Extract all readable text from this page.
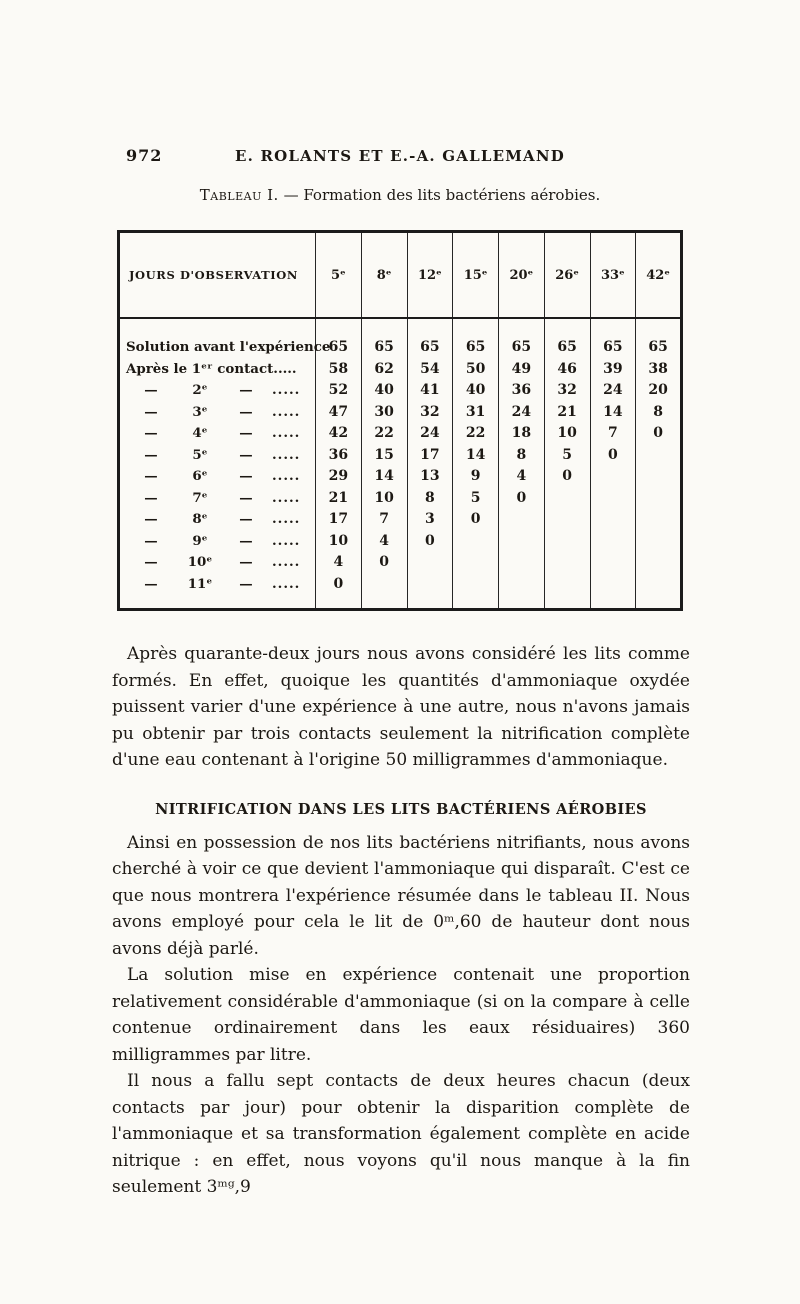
972	E. ROLANTS ET E.-A. GALLEMAND
Tableau I. — Formation des lits bactériens aérobies.
JOURS D'OBSERVATION	5ᵉ	8ᵉ	12ᵉ	15ᵉ	20ᵉ	26ᵉ	33ᵉ	42ᵉ
Solution avant l'expérience	65	65	65	65	65	65	65	65
Après le 1ᵉʳ contact.....	58	62	54	50	49	46	39	38
— 2ᵉ — .....	52	40	41	40	36	32	24	20
— 3ᵉ — .....	47	30	32	31	24	21	14	8
— 4ᵉ — .....	42	22	24	22	18	10	7	0
— 5ᵉ — .....	36	15	17	14	8	5	0	
— 6ᵉ — .....	29	14	13	9	4	0		
— 7ᵉ — .....	21	10	8	5	0			
— 8ᵉ — .....	17	7	3	0				
— 9ᵉ — .....	10	4	0					
— 10ᵉ — .....	4	0						
— 11ᵉ — .....	0							

Après quarante-deux jours nous avons considéré les lits comme formés. En effet, quoique les quantités d'ammoniaque oxydée puissent varier d'une expérience à une autre, nous n'avons jamais pu obtenir par trois contacts seulement la nitrification complète d'une eau contenant à l'origine 50 milligrammes d'ammoniaque.

NITRIFICATION DANS LES LITS BACTÉRIENS AÉROBIES

Ainsi en possession de nos lits bactériens nitrifiants, nous avons cherché à voir ce que devient l'ammoniaque qui disparaît. C'est ce que nous montrera l'expérience résumée dans le tableau II. Nous avons employé pour cela le lit de 0ᵐ,60 de hauteur dont nous avons déjà parlé.

La solution mise en expérience contenait une proportion relativement considérable d'ammoniaque (si on la compare à celle contenue ordinairement dans les eaux résiduaires) 360 milligrammes par litre.

Il nous a fallu sept contacts de deux heures chacun (deux contacts par jour) pour obtenir la disparition complète de l'ammoniaque et sa transformation également complète en acide nitrique : en effet, nous voyons qu'il nous manque à la fin seulement 3ᵐᵍ,9
